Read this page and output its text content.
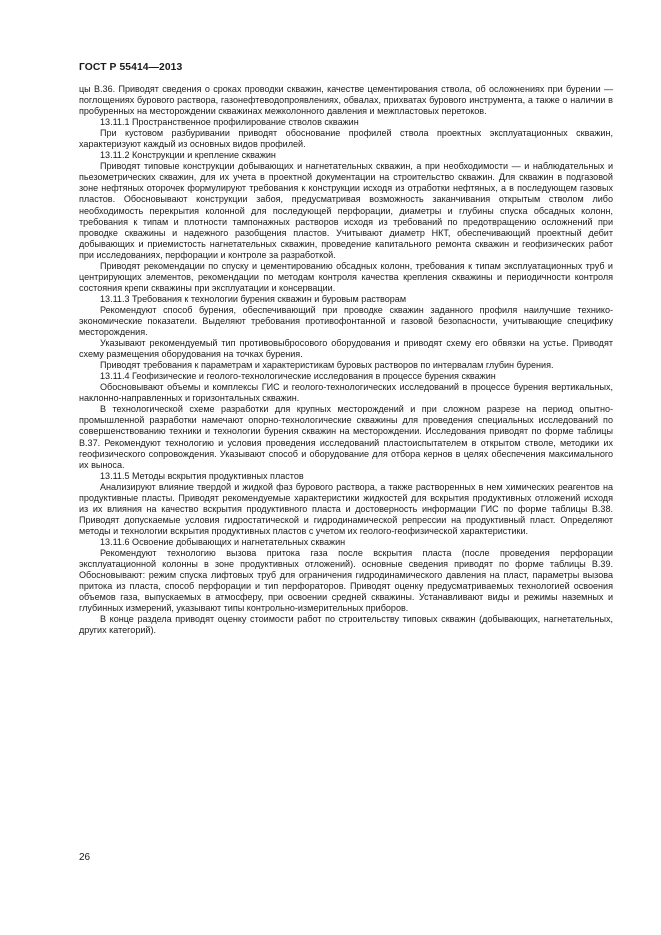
ГОСТ Р 55414—2013

цы В.36. Приводят сведения о сроках проводки скважин, качестве цементирования ствола, об осложнениях при бурении — поглощениях бурового раствора, газонефтеводопроявлениях, обвалах, прихватах бурового инструмента, а также о наличии в пробуренных на месторождении скважинах межколонного давления и межпластовых перетоков.

13.11.1 Пространственное профилирование стволов скважин

При кустовом разбуривании приводят обоснование профилей ствола проектных эксплуатационных скважин, характеризуют каждый из основных видов профилей.

13.11.2 Конструкции и крепление скважин

Приводят типовые конструкции добывающих и нагнетательных скважин, а при необходимости — и наблюдательных и пьезометрических скважин, для их учета в проектной документации на строительство скважин. Для скважин в подгазовой зоне нефтяных оторочек формулируют требования к конструкции исходя из отработки нефтяных, а в последующем газовых пластов. Обосновывают конструкции забоя, предусматривая возможность заканчивания открытым стволом либо необходимость перекрытия колонной для последующей перфорации, диаметры и глубины спуска обсадных колонн, требования к типам и плотности тампонажных растворов исходя из требований по предотвращению осложнений при проводке скважины и надежного разобщения пластов. Учитывают диаметр НКТ, обеспечивающий проектный дебит добывающих и приемистость нагнетательных скважин, проведение капитального ремонта скважин и геофизических работ при исследованиях, перфорации и контроле за разработкой.

Приводят рекомендации по спуску и цементированию обсадных колонн, требования к типам эксплуатационных труб и центрирующих элементов, рекомендации по методам контроля качества крепления скважины и периодичности контроля состояния крепи скважины при эксплуатации и консервации.

13.11.3 Требования к технологии бурения скважин и буровым растворам

Рекомендуют способ бурения, обеспечивающий при проводке скважин заданного профиля наилучшие технико-экономические показатели. Выделяют требования противофонтанной и газовой безопасности, учитывающие специфику месторождения.

Указывают рекомендуемый тип противовыбросового оборудования и приводят схему его обвязки на устье. Приводят схему размещения оборудования на точках бурения.

Приводят требования к параметрам и характеристикам буровых растворов по интервалам глубин бурения.

13.11.4 Геофизические и геолого-технологические исследования в процессе бурения скважин

Обосновывают объемы и комплексы ГИС и геолого-технологических исследований в процессе бурения вертикальных, наклонно-направленных и горизонтальных скважин.

В технологической схеме разработки для крупных месторождений и при сложном разрезе на период опытно-промышленной разработки намечают опорно-технологические скважины для проведения специальных исследований по совершенствованию техники и технологии бурения скважин на месторождении. Исследования приводят по форме таблицы В.37. Рекомендуют технологию и условия проведения исследований пластоиспытателем в открытом стволе, методики их геофизического сопровождения. Указывают способ и оборудование для отбора кернов в целях обеспечения максимального их выноса.

13.11.5 Методы вскрытия продуктивных пластов

Анализируют влияние твердой и жидкой фаз бурового раствора, а также растворенных в нем химических реагентов на продуктивные пласты. Приводят рекомендуемые характеристики жидкостей для вскрытия продуктивных отложений исходя из их влияния на качество вскрытия продуктивного пласта и достоверность информации ГИС по форме таблицы В.38. Приводят допускаемые условия гидростатической и гидродинамической репрессии на продуктивный пласт. Определяют методы и технологии вскрытия продуктивных пластов с учетом их геолого-геофизической характеристики.

13.11.6 Освоение добывающих и нагнетательных скважин

Рекомендуют технологию вызова притока газа после вскрытия пласта (после проведения перфорации эксплуатационной колонны в зоне продуктивных отложений). основные сведения приводят по форме таблицы В.39. Обосновывают: режим спуска лифтовых труб для ограничения гидродинамического давления на пласт, параметры вызова притока из пласта, способ перфорации и тип перфораторов. Приводят оценку предусматриваемых технологией освоения объемов газа, выпускаемых в атмосферу, при освоении средней скважины. Устанавливают виды и режимы наземных и глубинных измерений, указывают типы контрольно-измерительных приборов.

В конце раздела приводят оценку стоимости работ по строительству типовых скважин (добывающих, нагнетательных, других категорий).

26
